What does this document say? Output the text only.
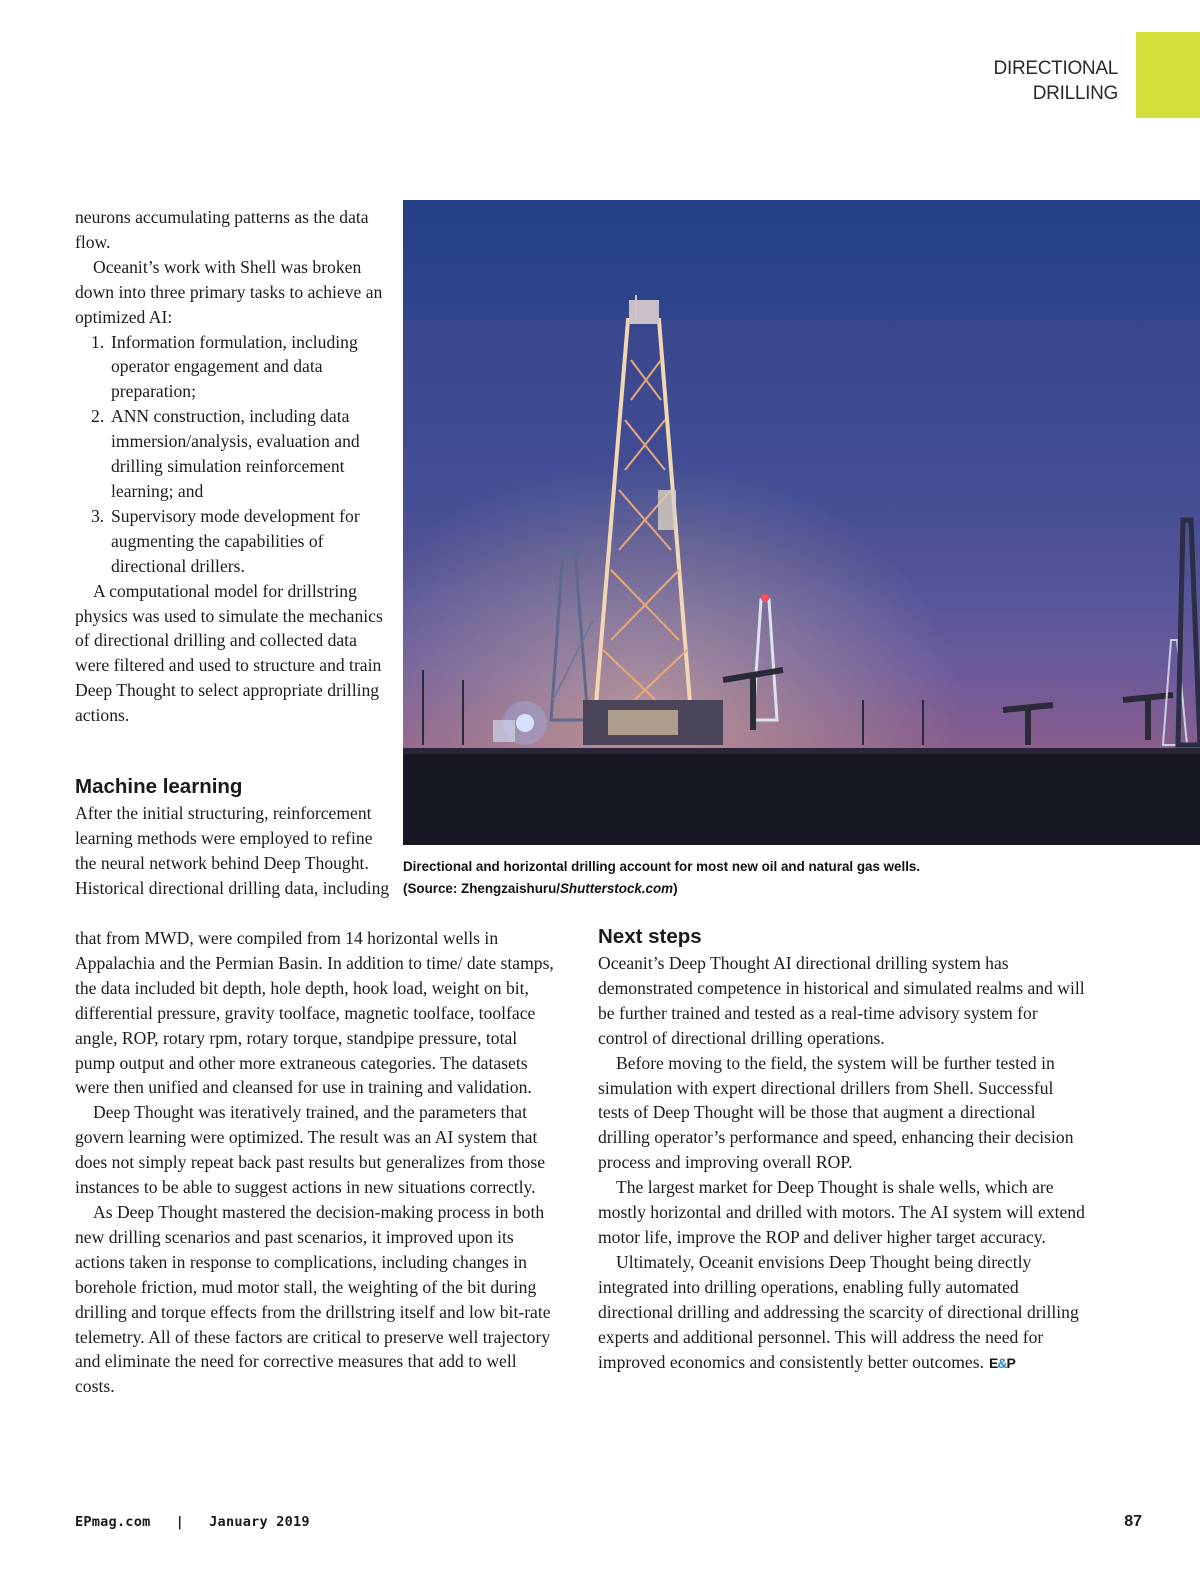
DIRECTIONAL
DRILLING

neurons accumulating patterns as the data flow.

Oceanit’s work with Shell was broken down into three primary tasks to achieve an optimized AI:

1. Information formulation, including operator engagement and data preparation;
2. ANN construction, including data immersion/analysis, evaluation and drilling simulation reinforcement learning; and
3. Supervisory mode development for augmenting the capabilities of directional drillers.

A computational model for drillstring physics was used to simulate the mechanics of directional drilling and collected data were filtered and used to structure and train Deep Thought to select appropriate drilling actions.

Machine learning

After the initial structuring, reinforcement learning methods were employed to refine the neural network behind Deep Thought. Historical directional drilling data, including

that from MWD, were compiled from 14 horizontal wells in Appalachia and the Permian Basin. In addition to time/ date stamps, the data included bit depth, hole depth, hook load, weight on bit, differential pressure, gravity toolface, magnetic toolface, toolface angle, ROP, rotary rpm, rotary torque, standpipe pressure, total pump output and other more extraneous categories. The datasets were then unified and cleansed for use in training and validation.

Deep Thought was iteratively trained, and the parameters that govern learning were optimized. The result was an AI system that does not simply repeat back past results but generalizes from those instances to be able to suggest actions in new situations correctly.

As Deep Thought mastered the decision-making process in both new drilling scenarios and past scenarios, it improved upon its actions taken in response to complications, including changes in borehole friction, mud motor stall, the weighting of the bit during drilling and torque effects from the drillstring itself and low bit-rate telemetry. All of these factors are critical to preserve well trajectory and eliminate the need for corrective measures that add to well costs.

Directional and horizontal drilling account for most new oil and natural gas wells.
(Source: Zhengzaishuru/Shutterstock.com)
Next steps

Oceanit’s Deep Thought AI directional drilling system has demonstrated competence in historical and simulated realms and will be further trained and tested as a real-time advisory system for control of directional drilling operations.

Before moving to the field, the system will be further tested in simulation with expert directional drillers from Shell. Successful tests of Deep Thought will be those that augment a directional drilling operator’s performance and speed, enhancing their decision process and improving overall ROP.

The largest market for Deep Thought is shale wells, which are mostly horizontal and drilled with motors. The AI system will extend motor life, improve the ROP and deliver higher target accuracy.

Ultimately, Oceanit envisions Deep Thought being directly integrated into drilling operations, enabling fully automated directional drilling and addressing the scarcity of directional drilling experts and additional personnel. This will address the need for improved economics and consistently better outcomes. E&P

EPmag.com | January 2019	87
